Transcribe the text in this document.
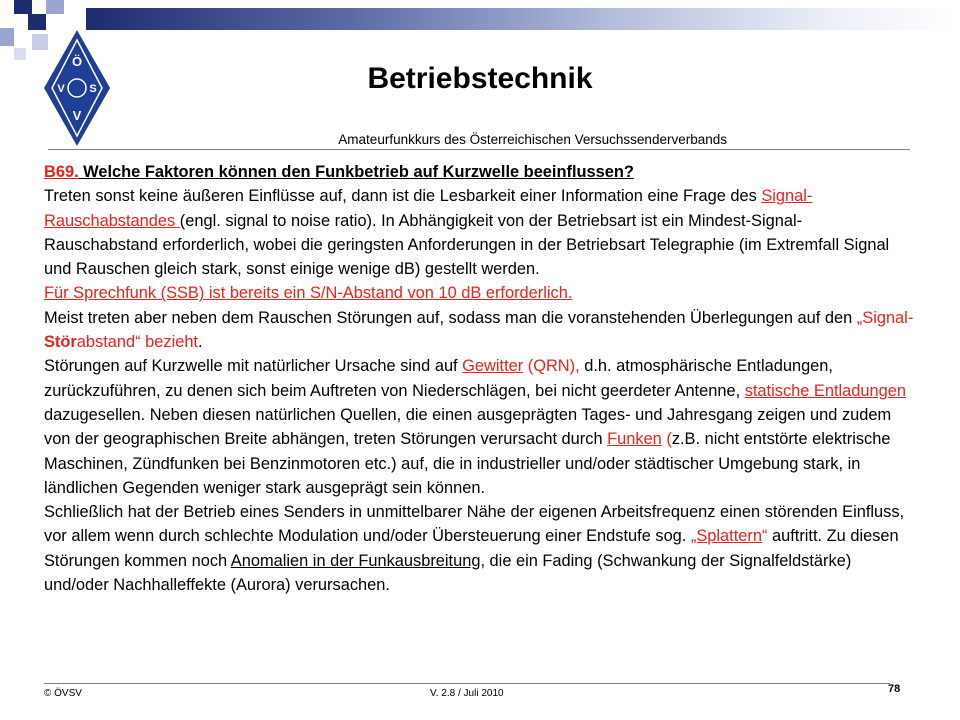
Ö
V S
V
Betriebstechnik
Amateurfunkkurs des Österreichischen Versuchssenderverbands

B69. Welche Faktoren können den Funkbetrieb auf Kurzwelle beeinflussen?

Treten sonst keine äußeren Einflüsse auf, dann ist die Lesbarkeit einer Information eine Frage des Signal-Rauschabstandes (engl. signal to noise ratio). In Abhängigkeit von der Betriebsart ist ein Mindest-Signal-Rauschabstand erforderlich, wobei die geringsten Anforderungen in der Betriebsart Telegraphie (im Extremfall Signal und Rauschen gleich stark, sonst einige wenige dB) gestellt werden.

Für Sprechfunk (SSB) ist bereits ein S/N-Abstand von 10 dB erforderlich.

Meist treten aber neben dem Rauschen Störungen auf, sodass man die voranstehenden Überlegungen auf den „Signal-Störabstand“ bezieht.

Störungen auf Kurzwelle mit natürlicher Ursache sind auf Gewitter (QRN), d.h. atmosphärische Entladungen, zurückzuführen, zu denen sich beim Auftreten von Niederschlägen, bei nicht geerdeter Antenne, statische Entladungen dazugesellen. Neben diesen natürlichen Quellen, die einen ausgeprägten Tages- und Jahresgang zeigen und zudem von der geographischen Breite abhängen, treten Störungen verursacht durch Funken (z.B. nicht entstörte elektrische Maschinen, Zündfunken bei Benzinmotoren etc.) auf, die in industrieller und/oder städtischer Umgebung stark, in ländlichen Gegenden weniger stark ausgeprägt sein können.

Schließlich hat der Betrieb eines Senders in unmittelbarer Nähe der eigenen Arbeitsfrequenz einen störenden Einfluss, vor allem wenn durch schlechte Modulation und/oder Übersteuerung einer Endstufe sog. „Splattern“ auftritt. Zu diesen Störungen kommen noch Anomalien in der Funkausbreitung, die ein Fading (Schwankung der Signalfeldstärke) und/oder Nachhalleffekte (Aurora) verursachen.

© ÖVSV	V. 2.8 / Juli 2010	78
